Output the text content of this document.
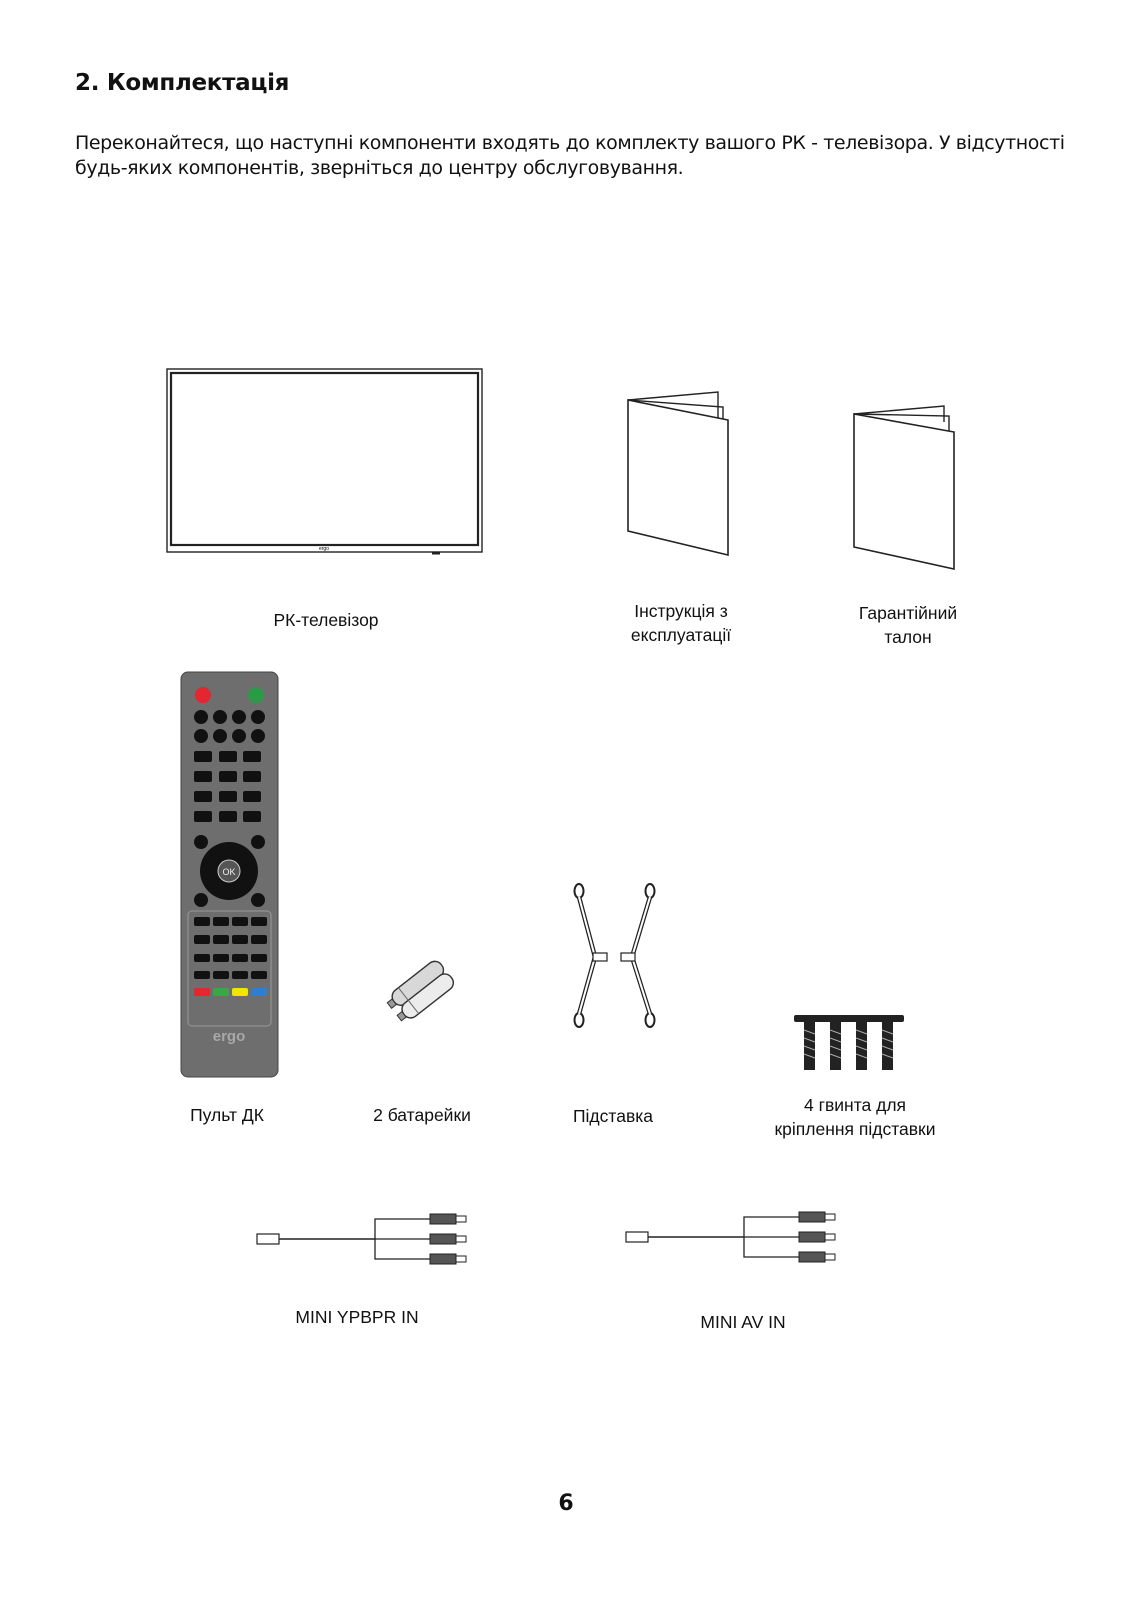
2. Комплектація
Переконайтеся, що наступні компоненти входять до комплекту вашого РК - телевізора. У відсутності будь-яких компонентів, зверніться до центру обслуговування.
ergo
РК-телевізор	Інструкція з
експлуатації
Гарантійний
талон
OK
ergo
Пульт ДК	2 батарейки	Підставка
4 гвинта для
кріплення підставки
MINI YPBPR IN	MINI AV IN
6
